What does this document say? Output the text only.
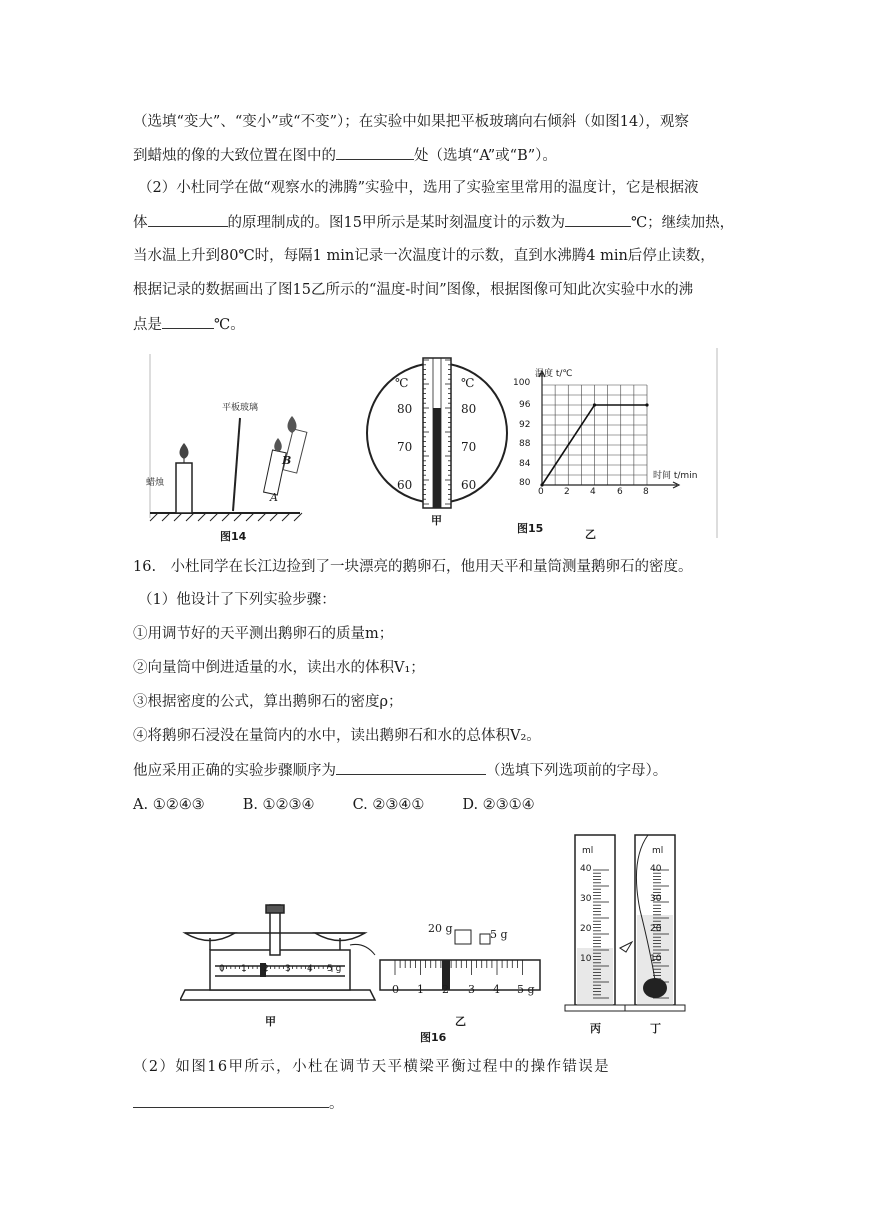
（选填“变大”、“变小”或“不变”）；在实验中如果把平板玻璃向右倾斜（如图14），观察
到蜡烛的像的大致位置在图中的	处（选填“A”或“B”）。
（2）小杜同学在做“观察水的沸腾”实验中，选用了实验室里常用的温度计，它是根据液
体	的原理制成的。图15甲所示是某时刻温度计的示数为	℃；继续加热，
当水温上升到80℃时，每隔1 min记录一次温度计的示数，直到水沸腾4 min后停止读数，
根据记录的数据画出了图15乙所示的“温度-时间”图像，根据图像可知此次实验中水的沸
点是	℃。
平板玻璃
蜡烛
A
B
图14
℃	℃
80	80
70	70
60	60
甲
温度 t/℃
时间 t/min
100
96
92
88
84
80
0 2 4 6 8
图15	乙
16.　小杜同学在长江边捡到了一块漂亮的鹅卵石，他用天平和量筒测量鹅卵石的密度。
（1）他设计了下列实验步骤：
①用调节好的天平测出鹅卵石的质量m；
②向量筒中倒进适量的水，读出水的体积V₁；
③根据密度的公式，算出鹅卵石的密度ρ；
④将鹅卵石浸没在量筒内的水中，读出鹅卵石和水的总体积V₂。
他应采用正确的实验步骤顺序为	（选填下列选项前的字母）。
A. ①②④③	B. ①②③④	C. ②③④①	D. ②③①④
0 1 2 3 4 5 g
0 1 2 3 4 5 g
20 g	5 g
ml
40
30
20
10
ml
40
30
20
10
甲	乙
丙	丁
图16
（2）如图16甲所示，小杜在调节天平横梁平衡过程中的操作错误是
。
